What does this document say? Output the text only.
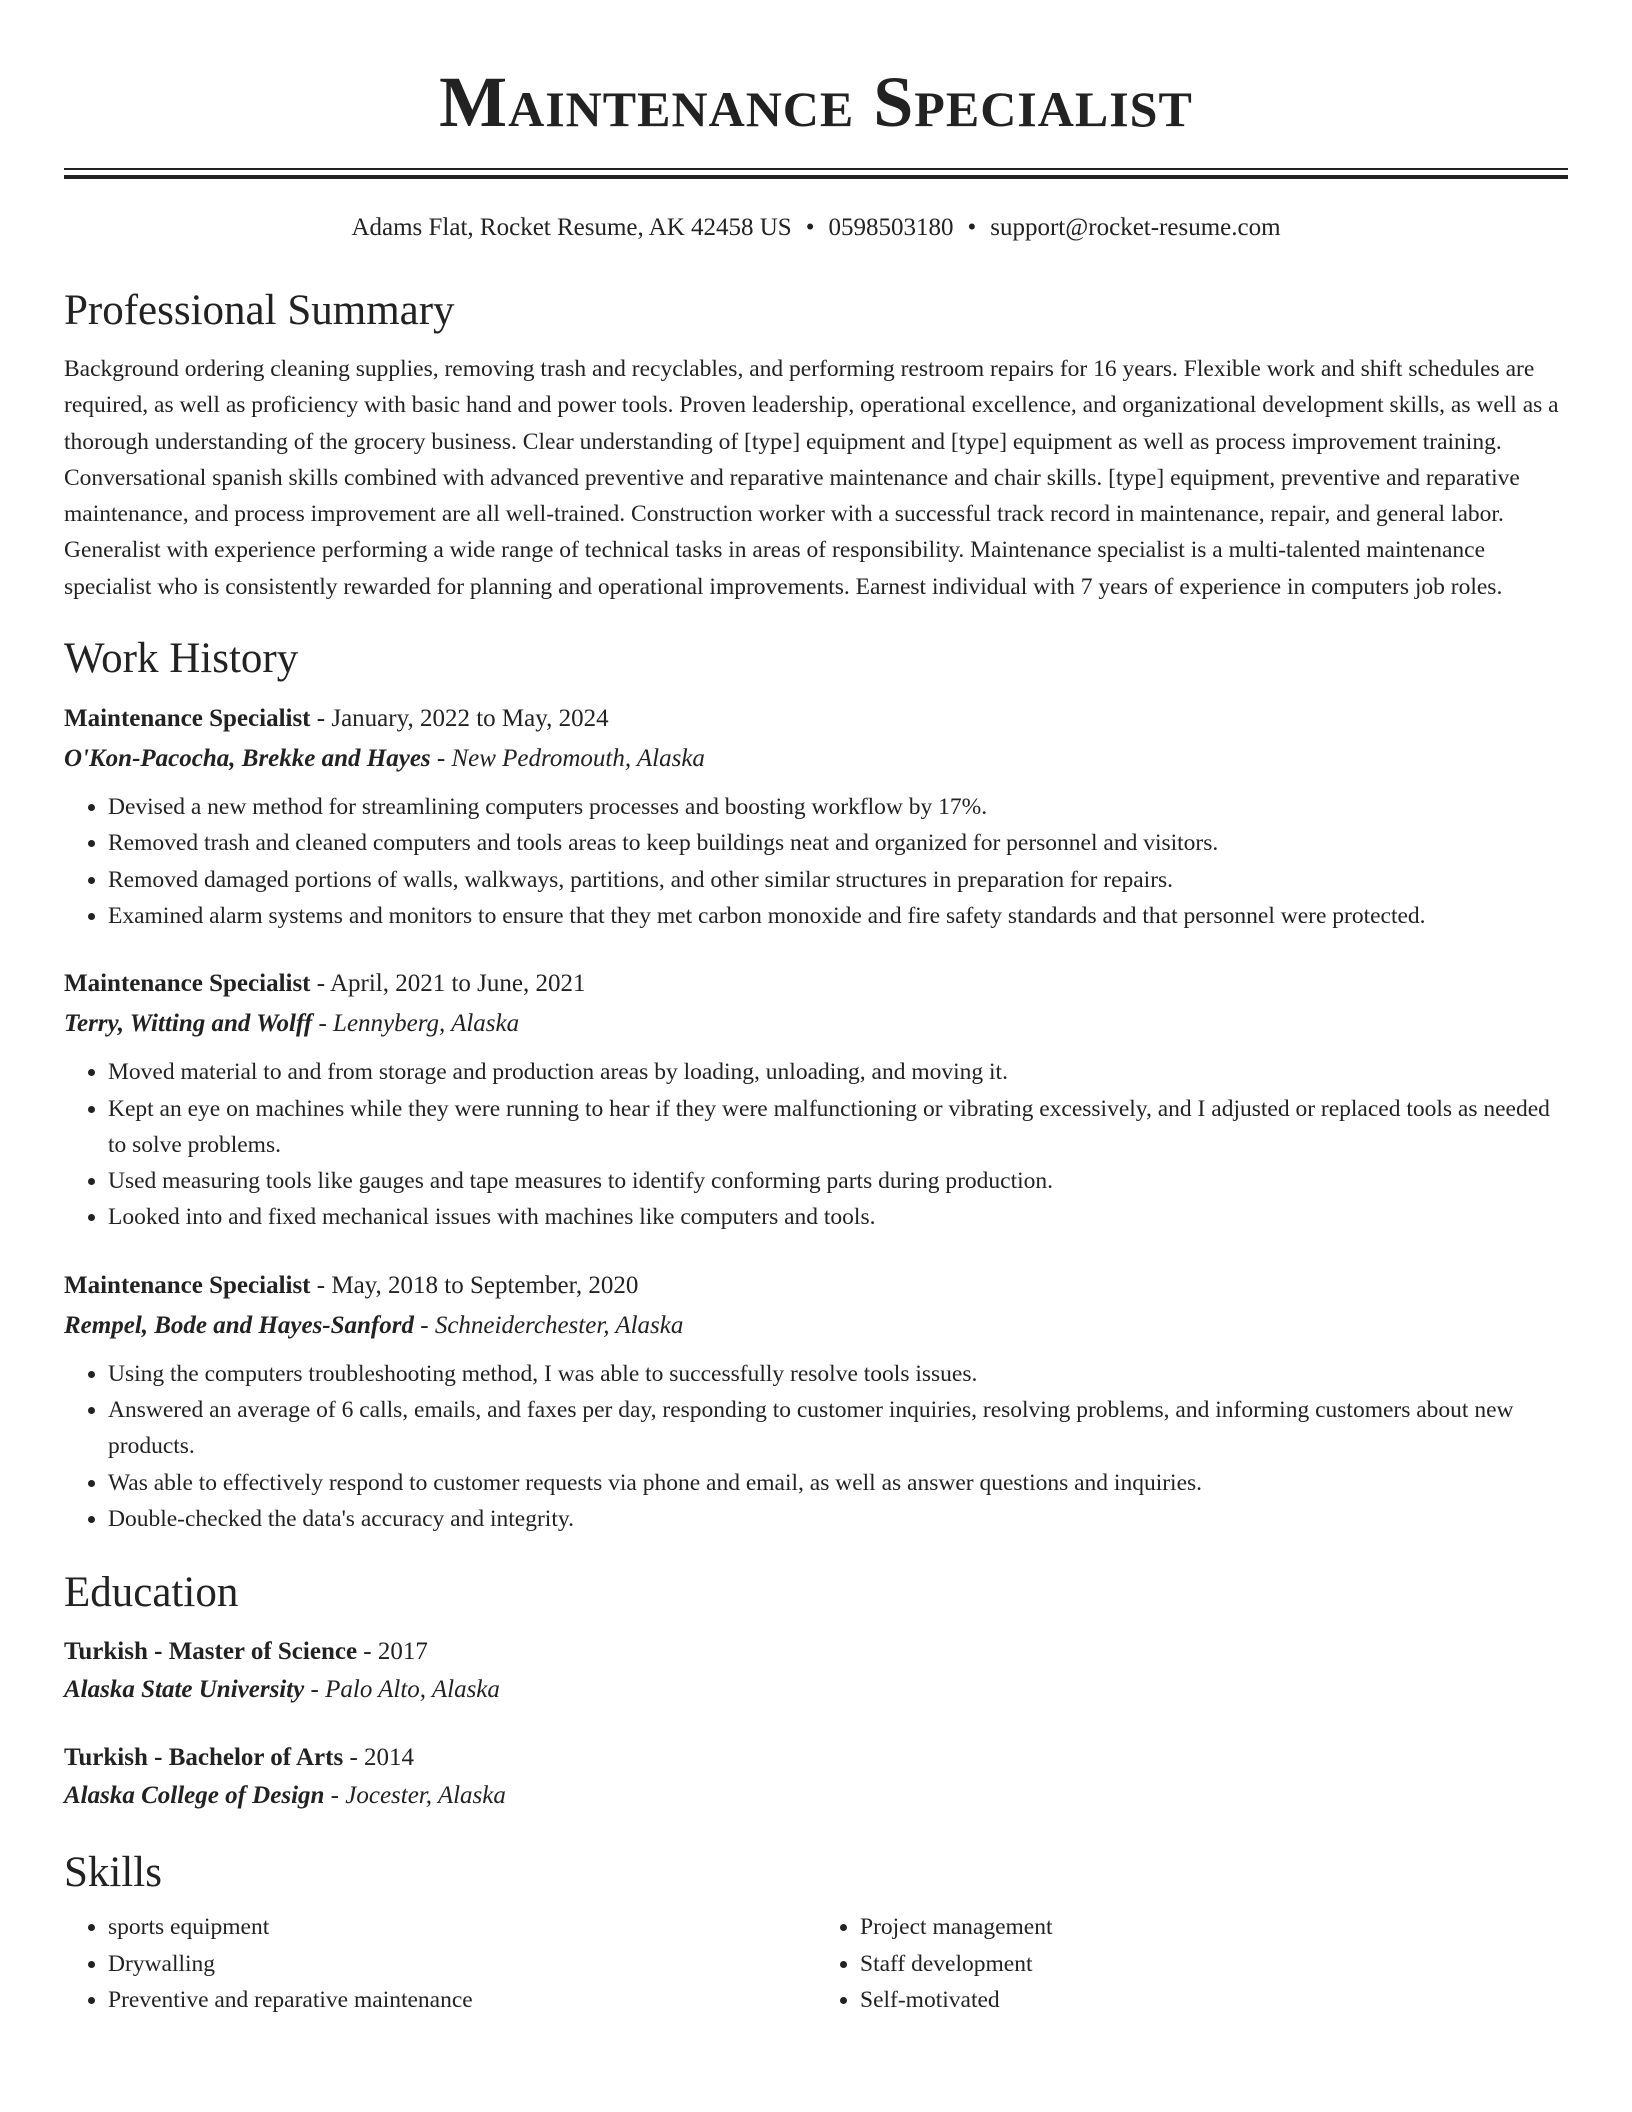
Maintenance Specialist
Adams Flat, Rocket Resume, AK 42458 US • 0598503180 • support@rocket-resume.com
Professional Summary
Background ordering cleaning supplies, removing trash and recyclables, and performing restroom repairs for 16 years. Flexible work and shift schedules are required, as well as proficiency with basic hand and power tools. Proven leadership, operational excellence, and organizational development skills, as well as a thorough understanding of the grocery business. Clear understanding of [type] equipment and [type] equipment as well as process improvement training. Conversational spanish skills combined with advanced preventive and reparative maintenance and chair skills. [type] equipment, preventive and reparative maintenance, and process improvement are all well-trained. Construction worker with a successful track record in maintenance, repair, and general labor. Generalist with experience performing a wide range of technical tasks in areas of responsibility. Maintenance specialist is a multi-talented maintenance specialist who is consistently rewarded for planning and operational improvements. Earnest individual with 7 years of experience in computers job roles.
Work History
Maintenance Specialist - January, 2022 to May, 2024
O'Kon-Pacocha, Brekke and Hayes - New Pedromouth, Alaska
• Devised a new method for streamlining computers processes and boosting workflow by 17%.
• Removed trash and cleaned computers and tools areas to keep buildings neat and organized for personnel and visitors.
• Removed damaged portions of walls, walkways, partitions, and other similar structures in preparation for repairs.
• Examined alarm systems and monitors to ensure that they met carbon monoxide and fire safety standards and that personnel were protected.
Maintenance Specialist - April, 2021 to June, 2021
Terry, Witting and Wolff - Lennyberg, Alaska
• Moved material to and from storage and production areas by loading, unloading, and moving it.
• Kept an eye on machines while they were running to hear if they were malfunctioning or vibrating excessively, and I adjusted or replaced tools as needed to solve problems.
• Used measuring tools like gauges and tape measures to identify conforming parts during production.
• Looked into and fixed mechanical issues with machines like computers and tools.
Maintenance Specialist - May, 2018 to September, 2020
Rempel, Bode and Hayes-Sanford - Schneiderchester, Alaska
• Using the computers troubleshooting method, I was able to successfully resolve tools issues.
• Answered an average of 6 calls, emails, and faxes per day, responding to customer inquiries, resolving problems, and informing customers about new products.
• Was able to effectively respond to customer requests via phone and email, as well as answer questions and inquiries.
• Double-checked the data's accuracy and integrity.
Education
Turkish - Master of Science - 2017
Alaska State University - Palo Alto, Alaska
Turkish - Bachelor of Arts - 2014
Alaska College of Design - Jocester, Alaska
Skills
• sports equipment
• Drywalling
• Preventive and reparative maintenance
• Project management
• Staff development
• Self-motivated
